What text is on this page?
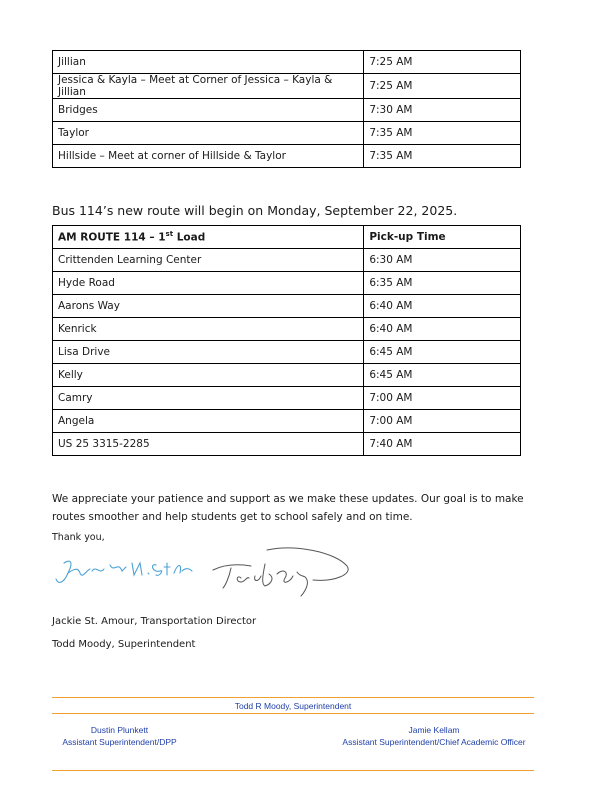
Jillian	7:25 AM
Jessica & Kayla – Meet at Corner of Jessica – Kayla & Jillian	7:25 AM
Bridges	7:30 AM
Taylor	7:35 AM
Hillside – Meet at corner of Hillside & Taylor	7:35 AM
Bus 114’s new route will begin on Monday, September 22, 2025.
AM ROUTE 114 – 1st Load	Pick-up Time
Crittenden Learning Center	6:30 AM
Hyde Road	6:35 AM
Aarons Way	6:40 AM
Kenrick	6:40 AM
Lisa Drive	6:45 AM
Kelly	6:45 AM
Camry	7:00 AM
Angela	7:00 AM
US 25 3315-2285	7:40 AM
We appreciate your patience and support as we make these updates. Our goal is to make routes smoother and help students get to school safely and on time.
Thank you,
Jackie St. Amour, Transportation Director
Todd Moody, Superintendent
Todd R Moody, Superintendent
Dustin Plunkett
Assistant Superintendent/DPP
Jamie Kellam
Assistant Superintendent/Chief Academic Officer
